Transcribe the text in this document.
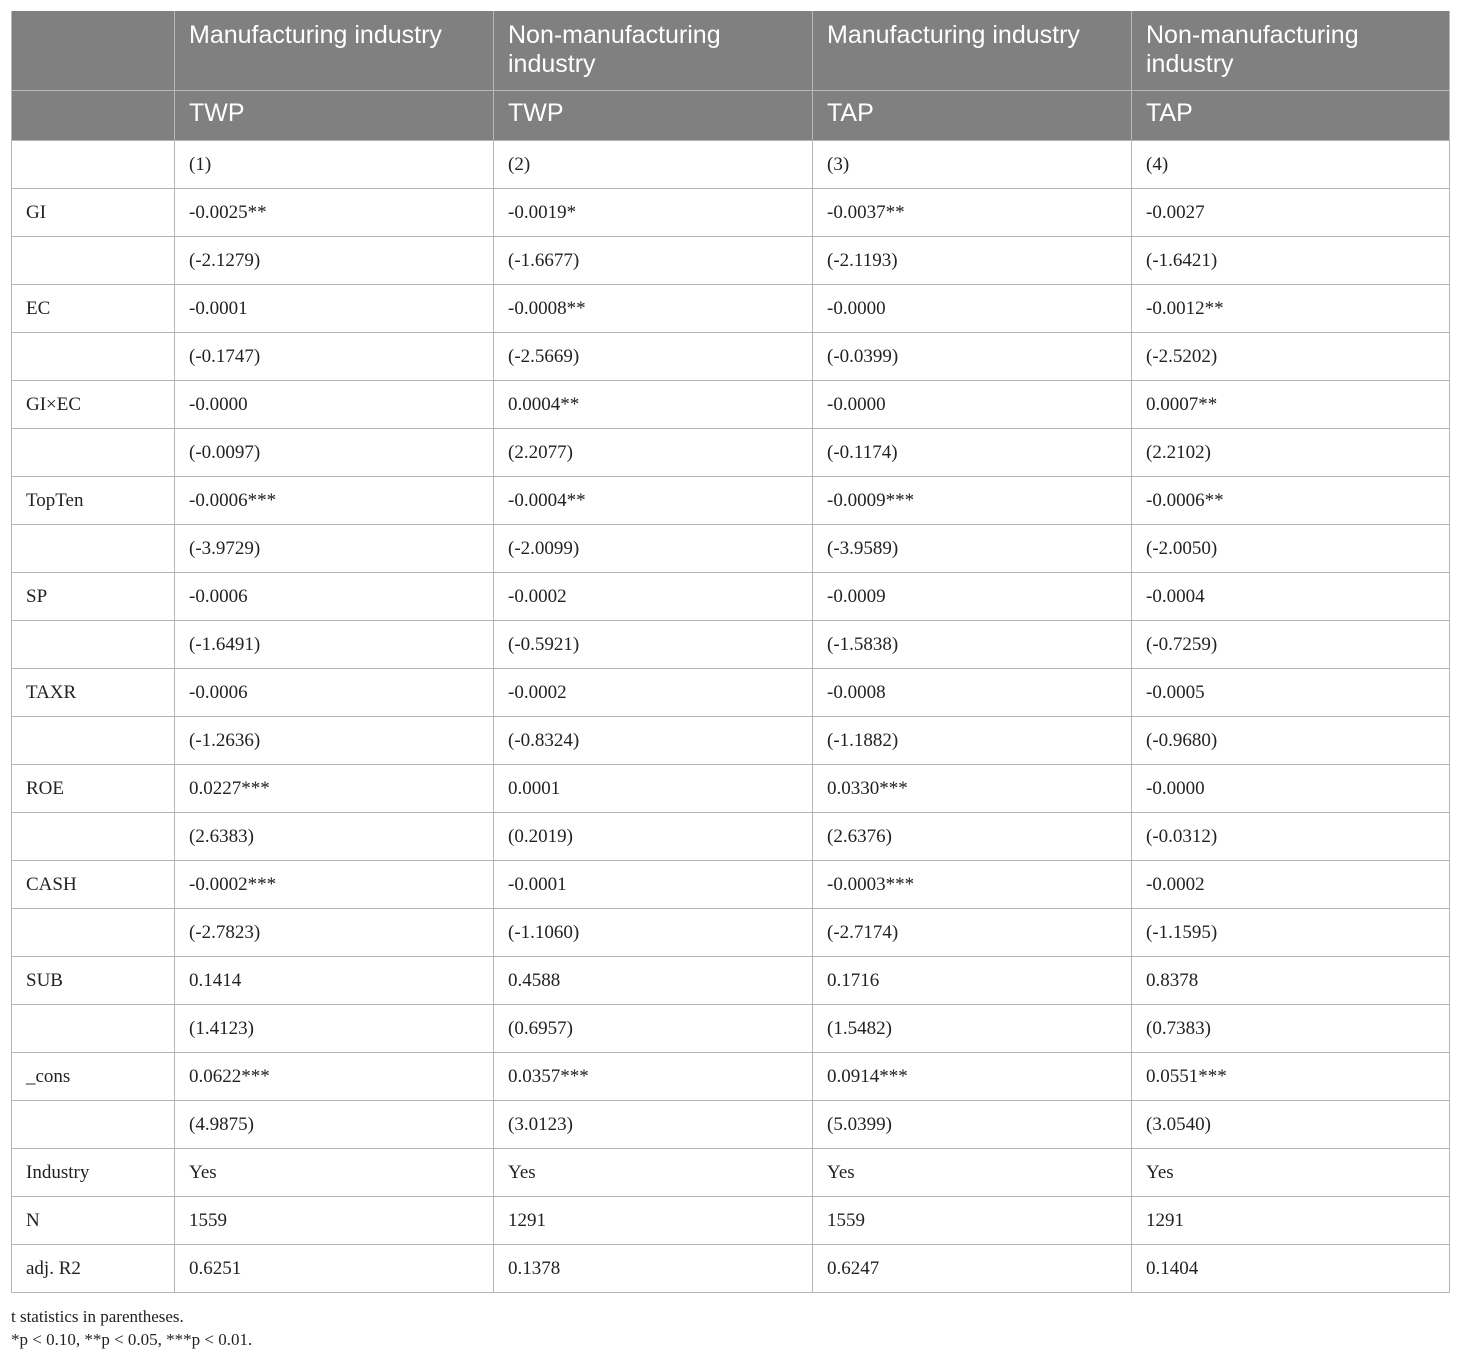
	Manufacturing industry	Non-manufacturing industry	Manufacturing industry	Non-manufacturing industry
	TWP	TWP	TAP	TAP
	(1)	(2)	(3)	(4)
GI	-0.0025**	-0.0019*	-0.0037**	-0.0027
	(-2.1279)	(-1.6677)	(-2.1193)	(-1.6421)
EC	-0.0001	-0.0008**	-0.0000	-0.0012**
	(-0.1747)	(-2.5669)	(-0.0399)	(-2.5202)
GI×EC	-0.0000	0.0004**	-0.0000	0.0007**
	(-0.0097)	(2.2077)	(-0.1174)	(2.2102)
TopTen	-0.0006***	-0.0004**	-0.0009***	-0.0006**
	(-3.9729)	(-2.0099)	(-3.9589)	(-2.0050)
SP	-0.0006	-0.0002	-0.0009	-0.0004
	(-1.6491)	(-0.5921)	(-1.5838)	(-0.7259)
TAXR	-0.0006	-0.0002	-0.0008	-0.0005
	(-1.2636)	(-0.8324)	(-1.1882)	(-0.9680)
ROE	0.0227***	0.0001	0.0330***	-0.0000
	(2.6383)	(0.2019)	(2.6376)	(-0.0312)
CASH	-0.0002***	-0.0001	-0.0003***	-0.0002
	(-2.7823)	(-1.1060)	(-2.7174)	(-1.1595)
SUB	0.1414	0.4588	0.1716	0.8378
	(1.4123)	(0.6957)	(1.5482)	(0.7383)
_cons	0.0622***	0.0357***	0.0914***	0.0551***
	(4.9875)	(3.0123)	(5.0399)	(3.0540)
Industry	Yes	Yes	Yes	Yes
N	1559	1291	1559	1291
adj. R2	0.6251	0.1378	0.6247	0.1404
t statistics in parentheses.
*p < 0.10, **p < 0.05, ***p < 0.01.
